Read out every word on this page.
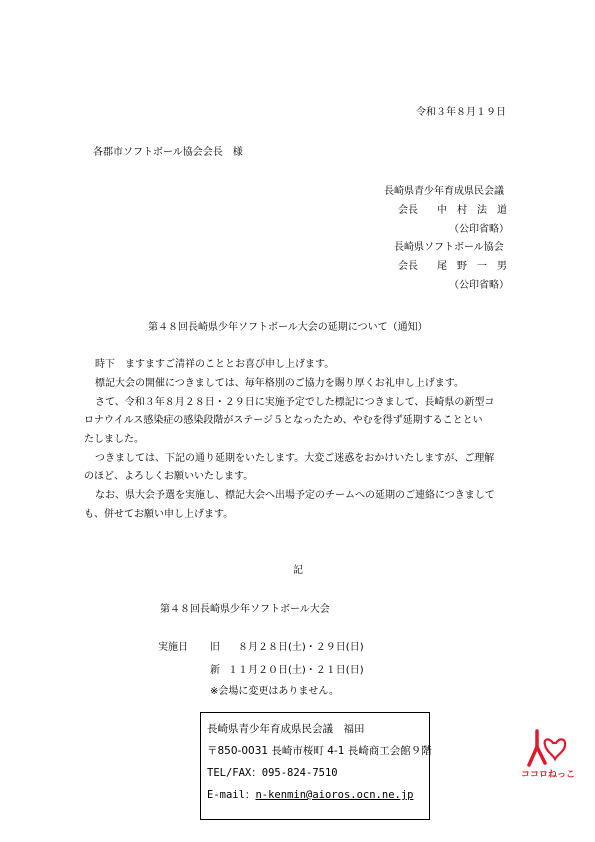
令和３年８月１９日
各郡市ソフトボール協会会長　様
長崎県青少年育成県民会議
会長 中　村　法　道
（公印省略）
長崎県ソフトボール協会
会長 尾　野　一　男
（公印省略）
第４８回長崎県少年ソフトボール大会の延期について（通知）
時下　ますますご清祥のこととお喜び申し上げます。
標記大会の開催につきましては、毎年格別のご協力を賜り厚くお礼申し上げます。
さて、令和３年８月２８日・２９日に実施予定でした標記につきまして、長崎県の新型コ
ロナウイルス感染症の感染段階がステージ５となったため、やむを得ず延期することとい
たしました。
つきましては、下記の通り延期をいたします。大変ご迷惑をおかけいたしますが、ご理解
のほど、よろしくお願いいたします。
なお、県大会予選を実施し、標記大会へ出場予定のチームへの延期のご連絡につきまして
も、併せてお願い申し上げます。
記
第４８回長崎県少年ソフトボール大会
実施日 旧 ８月２８日(土)・２９日(日)
新 １１月２０日(土)・２１日(日)
※会場に変更はありません。
長崎県青少年育成県民会議　福田
〒850-0031 長崎市桜町 4-1 長崎商工会館９階
TEL/FAX：095-824-7510
E-mail：n-kenmin@aioros.ocn.ne.jp
ココロねっこ
